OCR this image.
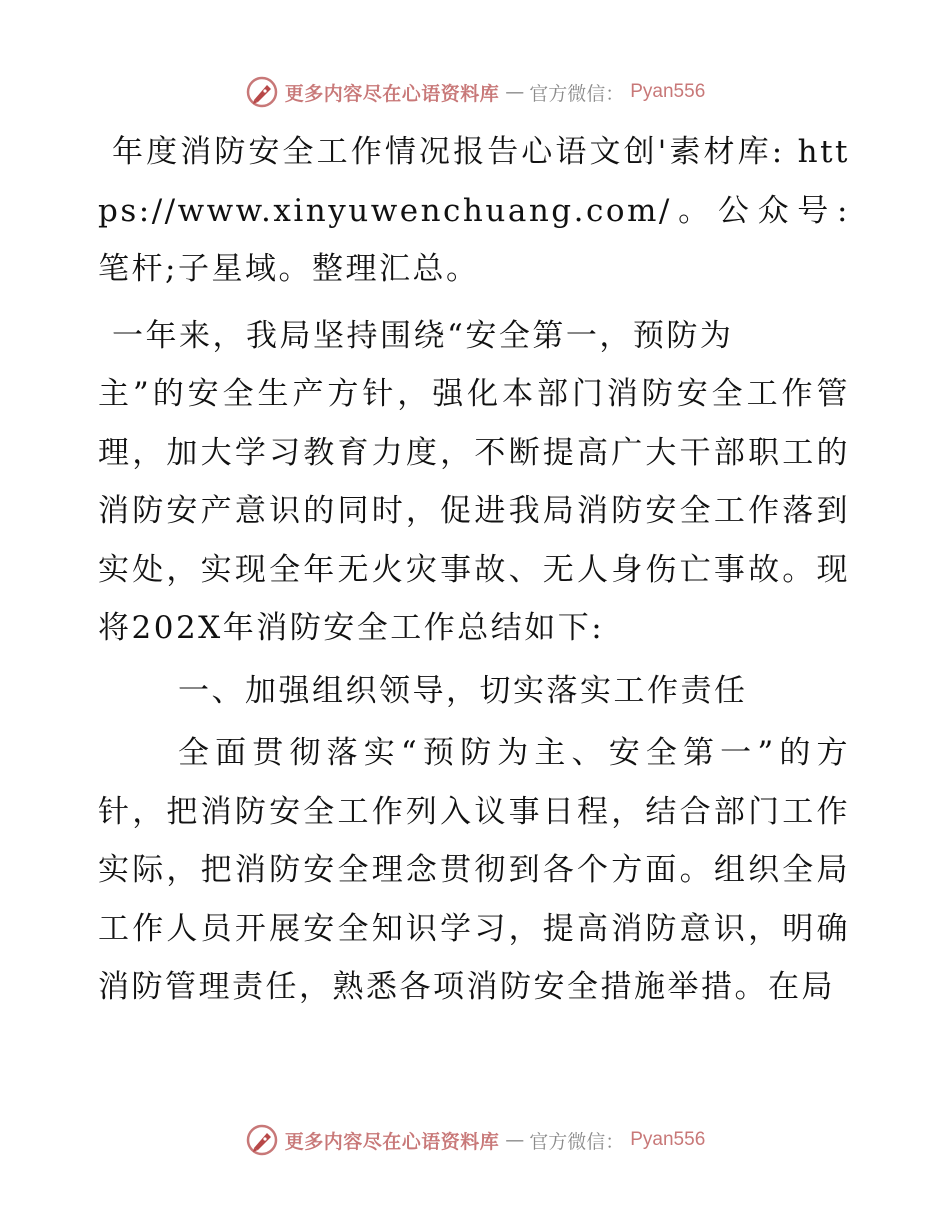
更多内容尽在心语资料库 — 官方微信： Pyan556

年度消防安全工作情况报告心语文创'素材库: https://www.xinyuwenchuang.com/。公众号: 笔杆;子星域。整理汇总。

一年来，我局坚持围绕“安全第一，预防为
主”的安全生产方针，强化本部门消防安全工作管理，加大学习教育力度，不断提高广大干部职工的消防安产意识的同时，促进我局消防安全工作落到实处，实现全年无火灾事故、无人身伤亡事故。现将202X年消防安全工作总结如下:

一、加强组织领导，切实落实工作责任

全面贯彻落实“预防为主、安全第一”的方针，把消防安全工作列入议事日程，结合部门工作实际，把消防安全理念贯彻到各个方面。组织全局工作人员开展安全知识学习，提高消防意识，明确消防管理责任，熟悉各项消防安全措施举措。在局

更多内容尽在心语资料库 — 官方微信： Pyan556
